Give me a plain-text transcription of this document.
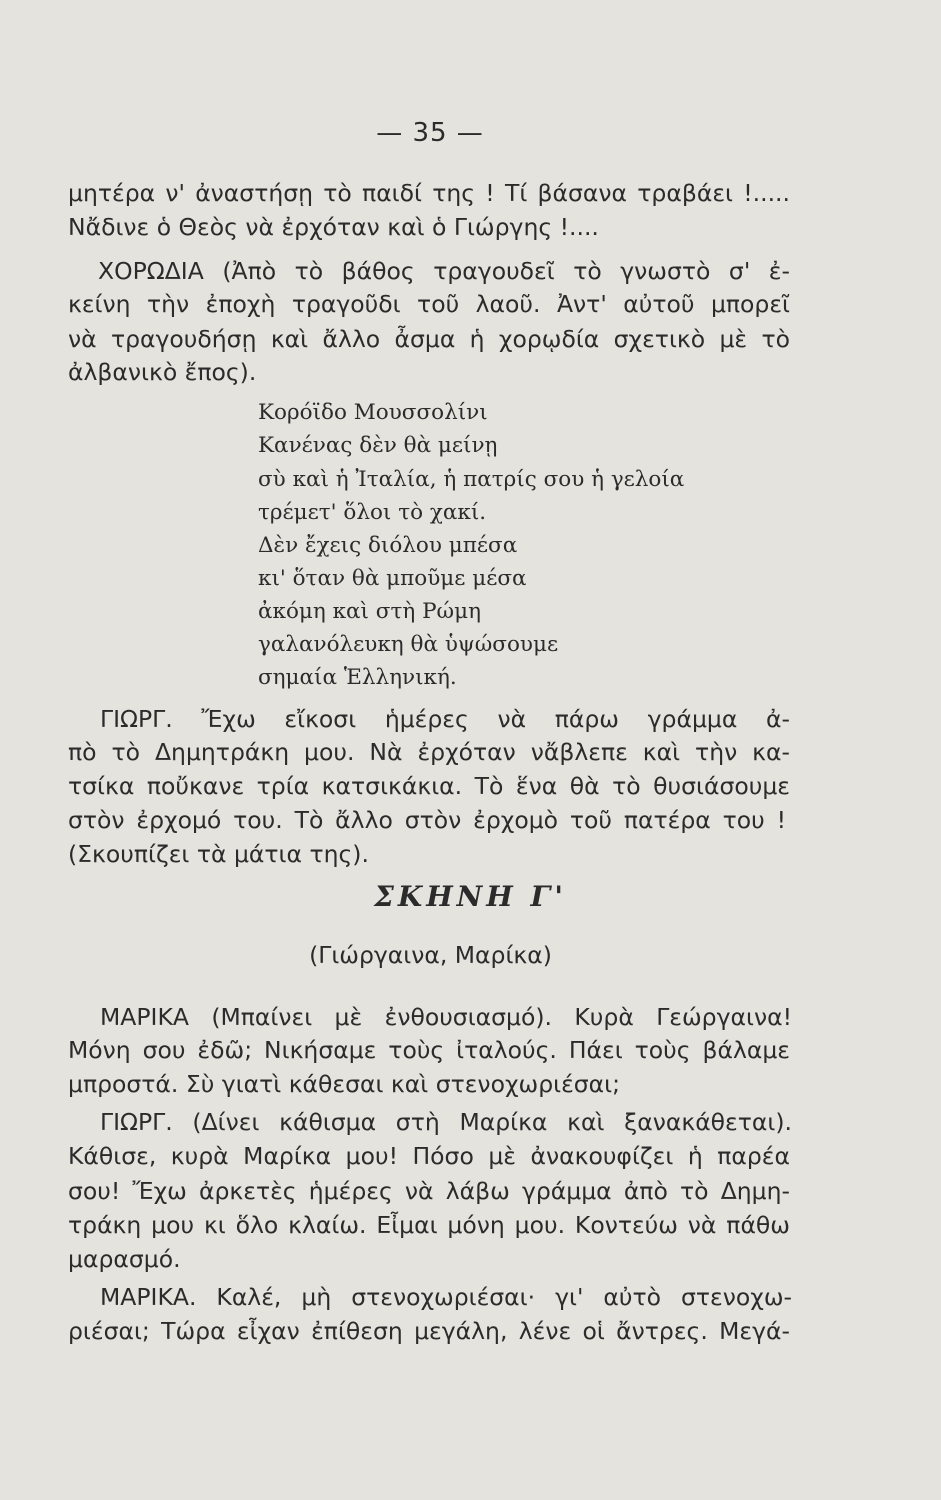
— 35 —
μητέρα ν' ἀναστήσῃ τὸ παιδί της ! Τί βάσανα τραβάει !.....
Νἄδινε ὁ Θεὸς νὰ ἐρχόταν καὶ ὁ Γιώργης !....
ΧΟΡΩΔΙΑ (Ἀπὸ τὸ βάθος τραγουδεῖ τὸ γνωστὸ σ' ἐ-
κείνη τὴν ἐποχὴ τραγοῦδι τοῦ λαοῦ. Ἀντ' αὐτοῦ μπορεῖ
νὰ τραγουδήσῃ καὶ ἄλλο ἆσμα ἡ χορῳδία σχετικὸ μὲ τὸ
ἀλβανικὸ ἔπος).
Κορόϊδο Μουσσολίνι
Κανένας δὲν θὰ μείνῃ
σὺ καὶ ἡ Ἰταλία, ἡ πατρίς σου ἡ γελοία
τρέμετ' ὅλοι τὸ χακί.
Δὲν ἔχεις διόλου μπέσα
κι' ὅταν θὰ μποῦμε μέσα
ἀκόμη καὶ στὴ Ρώμη
γαλανόλευκη θὰ ὑψώσουμε
σημαία Ἑλληνική.
ΓΙΩΡΓ. Ἔχω εἴκοσι ἡμέρες νὰ πάρω γράμμα ἀ-
πὸ τὸ Δημητράκη μου. Νὰ ἐρχόταν νἄβλεπε καὶ τὴν κα-
τσίκα ποὔκανε τρία κατσικάκια. Τὸ ἕνα θὰ τὸ θυσιάσουμε
στὸν ἐρχομό του. Τὸ ἄλλο στὸν ἐρχομὸ τοῦ πατέρα του !
(Σκουπίζει τὰ μάτια της).
ΣΚΗΝΗ Γ'
(Γιώργαινα, Μαρίκα)
ΜΑΡΙΚΑ (Μπαίνει μὲ ἐνθουσιασμό). Κυρὰ Γεώργαινα!
Μόνη σου ἐδῶ; Νικήσαμε τοὺς ἰταλούς. Πάει τοὺς βάλαμε
μπροστά. Σὺ γιατὶ κάθεσαι καὶ στενοχωριέσαι;
ΓΙΩΡΓ. (Δίνει κάθισμα στὴ Μαρίκα καὶ ξανακάθεται).
Κάθισε, κυρὰ Μαρίκα μου! Πόσο μὲ ἀνακουφίζει ἡ παρέα
σου! Ἔχω ἀρκετὲς ἡμέρες νὰ λάβω γράμμα ἀπὸ τὸ Δημη-
τράκη μου κι ὅλο κλαίω. Εἶμαι μόνη μου. Κοντεύω νὰ πάθω
μαρασμό.
ΜΑΡΙΚΑ. Καλέ, μὴ στενοχωριέσαι· γι' αὐτὸ στενοχω-
ριέσαι; Τώρα εἶχαν ἐπίθεση μεγάλη, λένε οἱ ἄντρες. Μεγά-
